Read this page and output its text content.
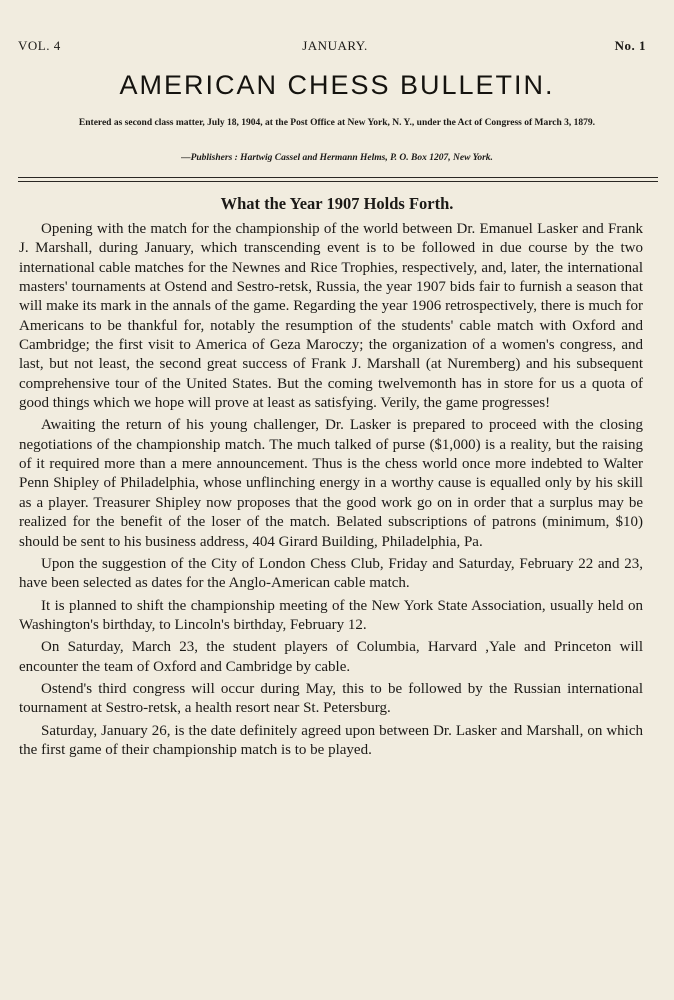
VOL. 4	JANUARY.	No. 1
AMERICAN CHESS BULLETIN.
Entered as second class matter, July 18, 1904, at the Post Office at New York, N. Y., under the Act of Congress of March 3, 1879.
—Publishers : Hartwig Cassel and Hermann Helms, P. O. Box 1207, New York.
What the Year 1907 Holds Forth.

Opening with the match for the championship of the world between Dr. Emanuel Lasker and Frank J. Marshall, during January, which transcending event is to be followed in due course by the two international cable matches for the Newnes and Rice Trophies, respectively, and, later, the international masters' tournaments at Ostend and Sestro-retsk, Russia, the year 1907 bids fair to furnish a season that will make its mark in the annals of the game. Regarding the year 1906 retrospectively, there is much for Americans to be thankful for, notably the resumption of the students' cable match with Oxford and Cambridge; the first visit to America of Geza Maroczy; the organization of a women's congress, and last, but not least, the second great success of Frank J. Marshall (at Nuremberg) and his subsequent comprehensive tour of the United States. But the coming twelvemonth has in store for us a quota of good things which we hope will prove at least as satisfying. Verily, the game progresses!

Awaiting the return of his young challenger, Dr. Lasker is prepared to proceed with the closing negotiations of the championship match. The much talked of purse ($1,000) is a reality, but the raising of it required more than a mere announcement. Thus is the chess world once more indebted to Walter Penn Shipley of Philadelphia, whose unflinching energy in a worthy cause is equalled only by his skill as a player. Treasurer Shipley now proposes that the good work go on in order that a surplus may be realized for the benefit of the loser of the match. Belated subscriptions of patrons (minimum, $10) should be sent to his business address, 404 Girard Building, Philadelphia, Pa.

Upon the suggestion of the City of London Chess Club, Friday and Saturday, February 22 and 23, have been selected as dates for the Anglo-American cable match.

It is planned to shift the championship meeting of the New York State Association, usually held on Washington's birthday, to Lincoln's birthday, February 12.

On Saturday, March 23, the student players of Columbia, Harvard ,Yale and Princeton will encounter the team of Oxford and Cambridge by cable.

Ostend's third congress will occur during May, this to be followed by the Russian international tournament at Sestro-retsk, a health resort near St. Petersburg.

Saturday, January 26, is the date definitely agreed upon between Dr. Lasker and Marshall, on which the first game of their championship match is to be played.
